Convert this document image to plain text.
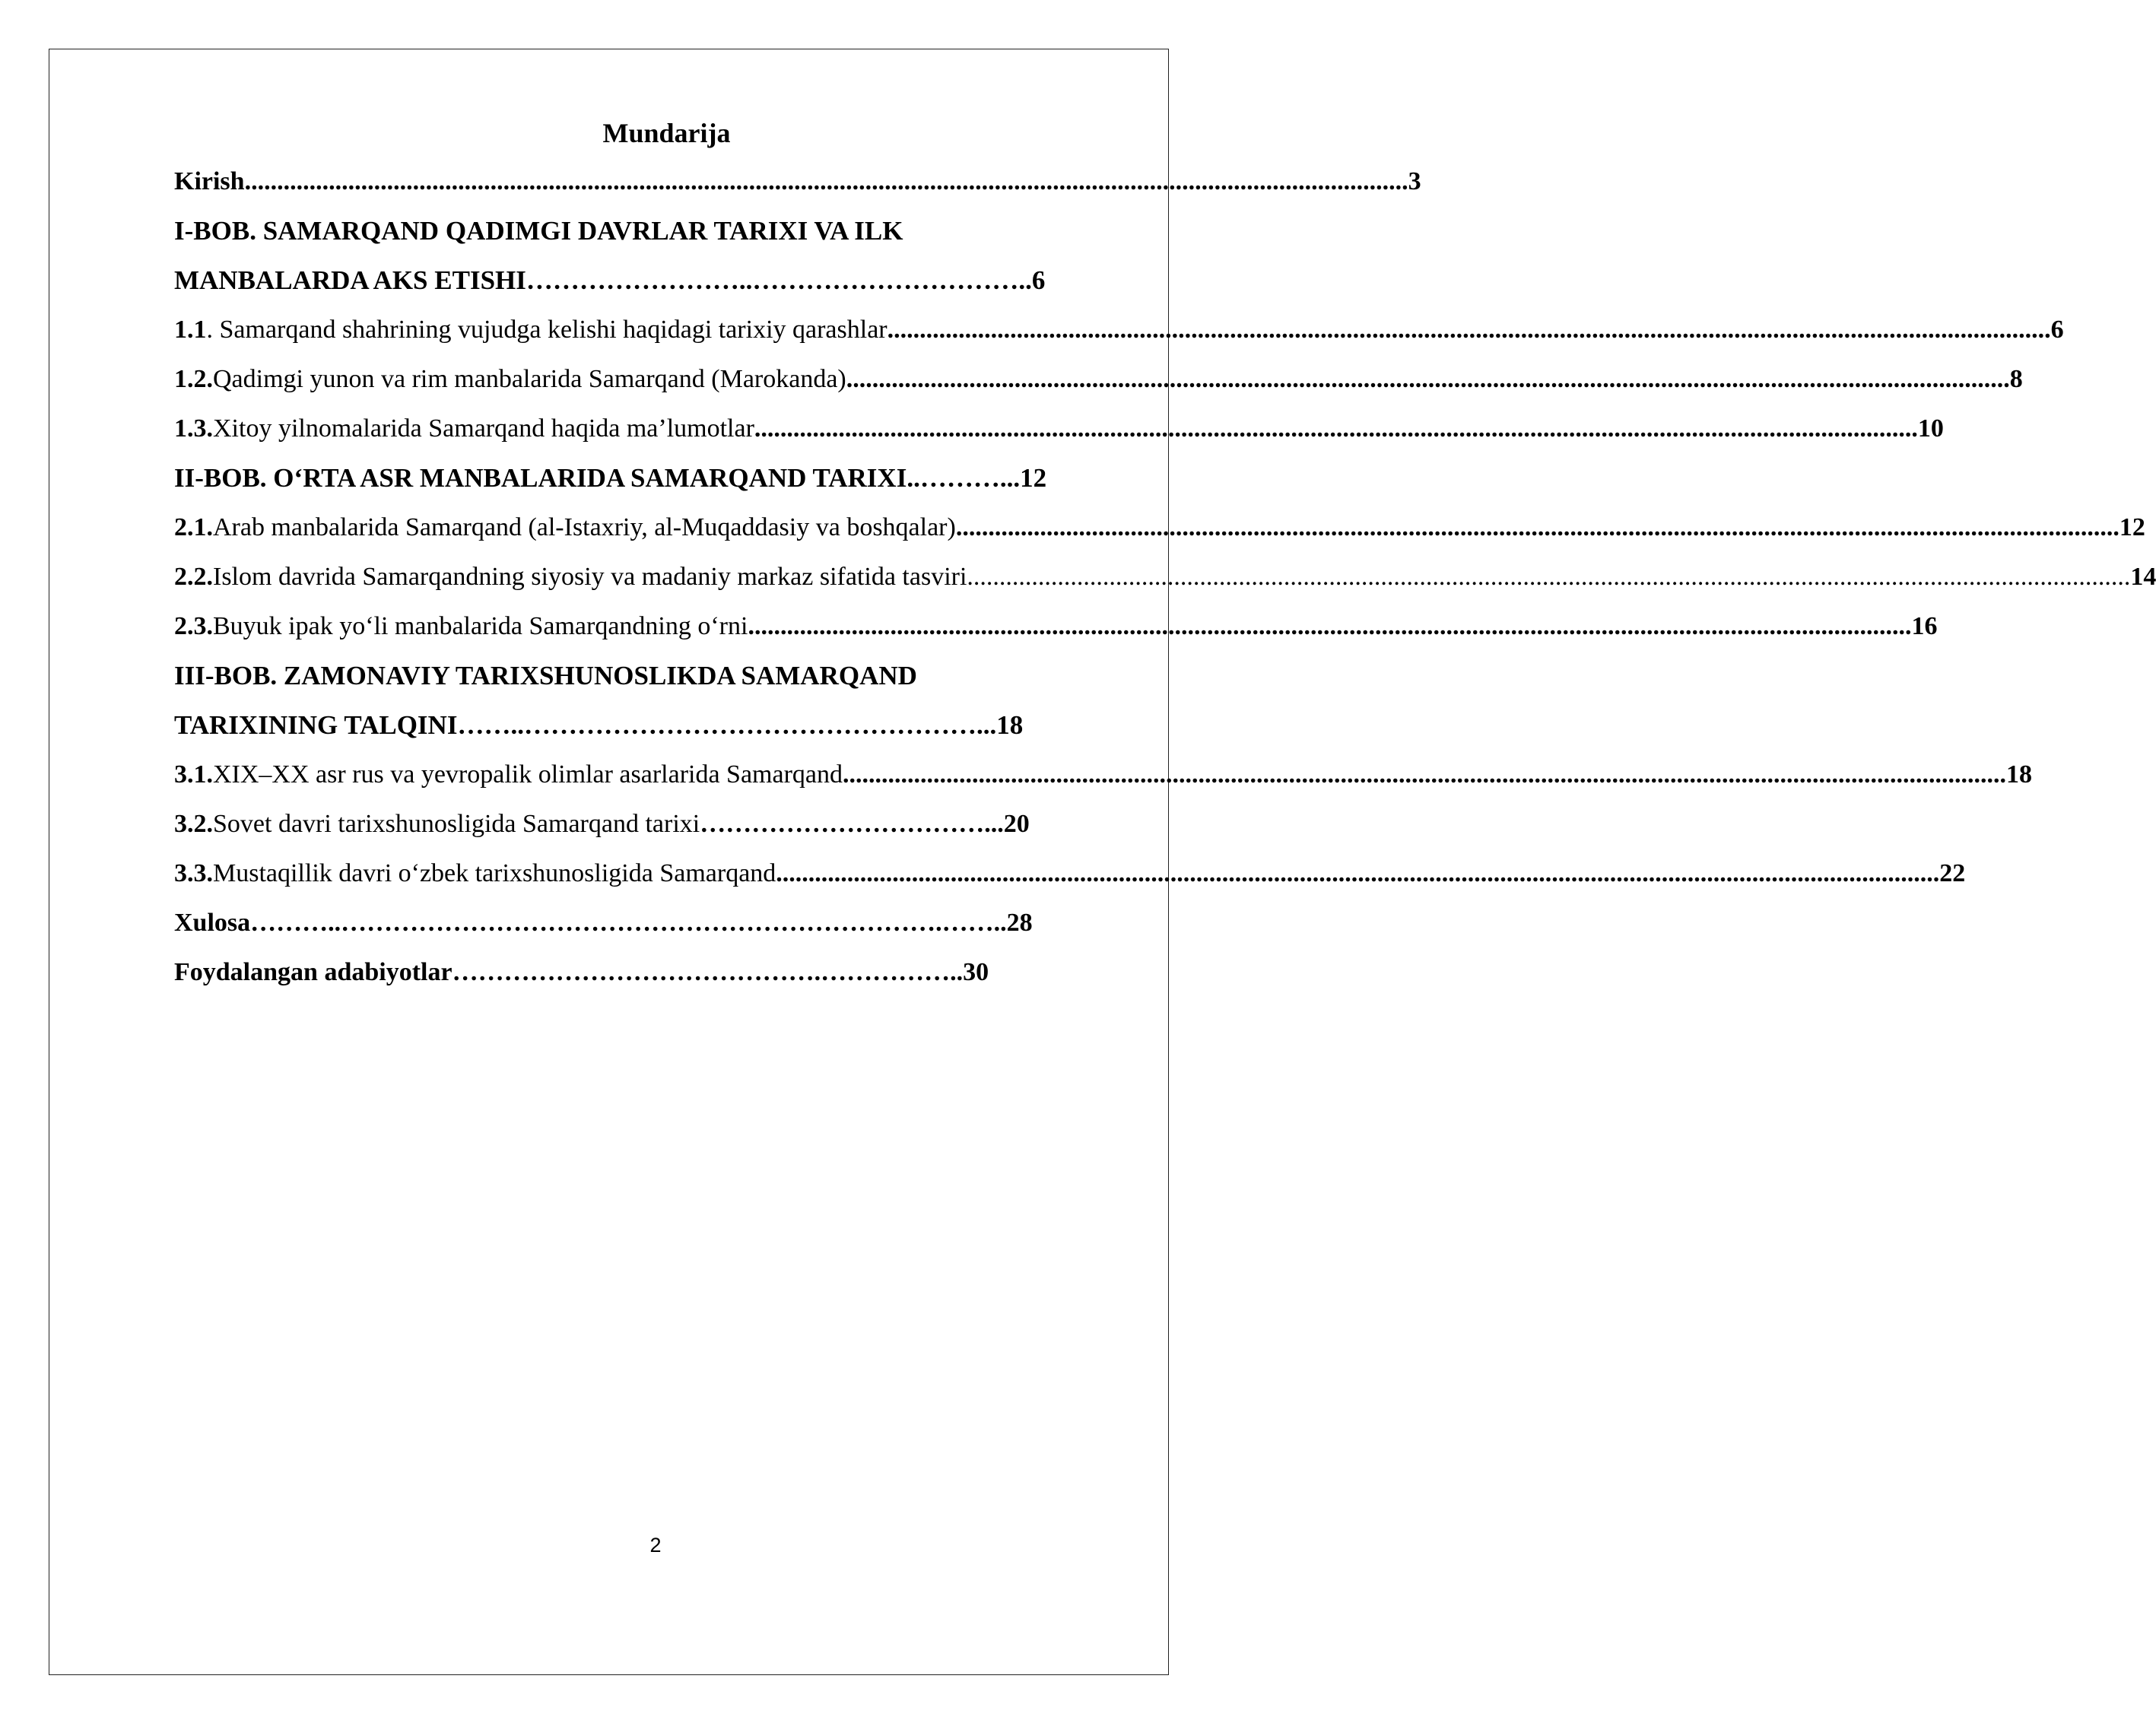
Mundarija
Kirish .................................................................................................................................................................................... 3
I-BOB. SAMARQAND QADIMGI DAVRLAR TARIXI VA ILK
MANBALARDA AKS ETISHI ……………………..………………………….. 6
1.1 . Samarqand shahrining vujudga kelishi haqidagi tarixiy qarashlar .................................................................................................................................................................................... 6
1.2. Qadimgi yunon va rim manbalarida Samarqand (Marokanda) .................................................................................................................................................................................... 8
1.3. Xitoy yilnomalarida Samarqand haqida ma’lumotlar .................................................................................................................................................................................... 10
II-BOB. O‘RTA ASR MANBALARIDA SAMARQAND TARIXI ..………... 12
2.1. Arab manbalarida Samarqand (al-Istaxriy, al-Muqaddasiy va boshqalar) .................................................................................................................................................................................... 12
2.2. Islom davrida Samarqandning siyosiy va madaniy markaz sifatida tasviri .................................................................................................................................................................................... 14
2.3. Buyuk ipak yo‘li manbalarida Samarqandning o‘rni .................................................................................................................................................................................... 16
III-BOB. ZAMONAVIY TARIXSHUNOSLIKDA SAMARQAND
TARIXINING TALQINI ……..……………………………………………... 18
3.1. XIX–XX asr rus va yevropalik olimlar asarlarida Samarqand .................................................................................................................................................................................... 18
3.2. Sovet davri tarixshunosligida Samarqand tarixi ……………………………... 20
3.3. Mustaqillik davri o‘zbek tarixshunosligida Samarqand .................................................................................................................................................................................... 22
Xulosa ………..…………………………………………………………….…….. 28
Foydalangan adabiyotlar …………………………………….…………….. 30
2
